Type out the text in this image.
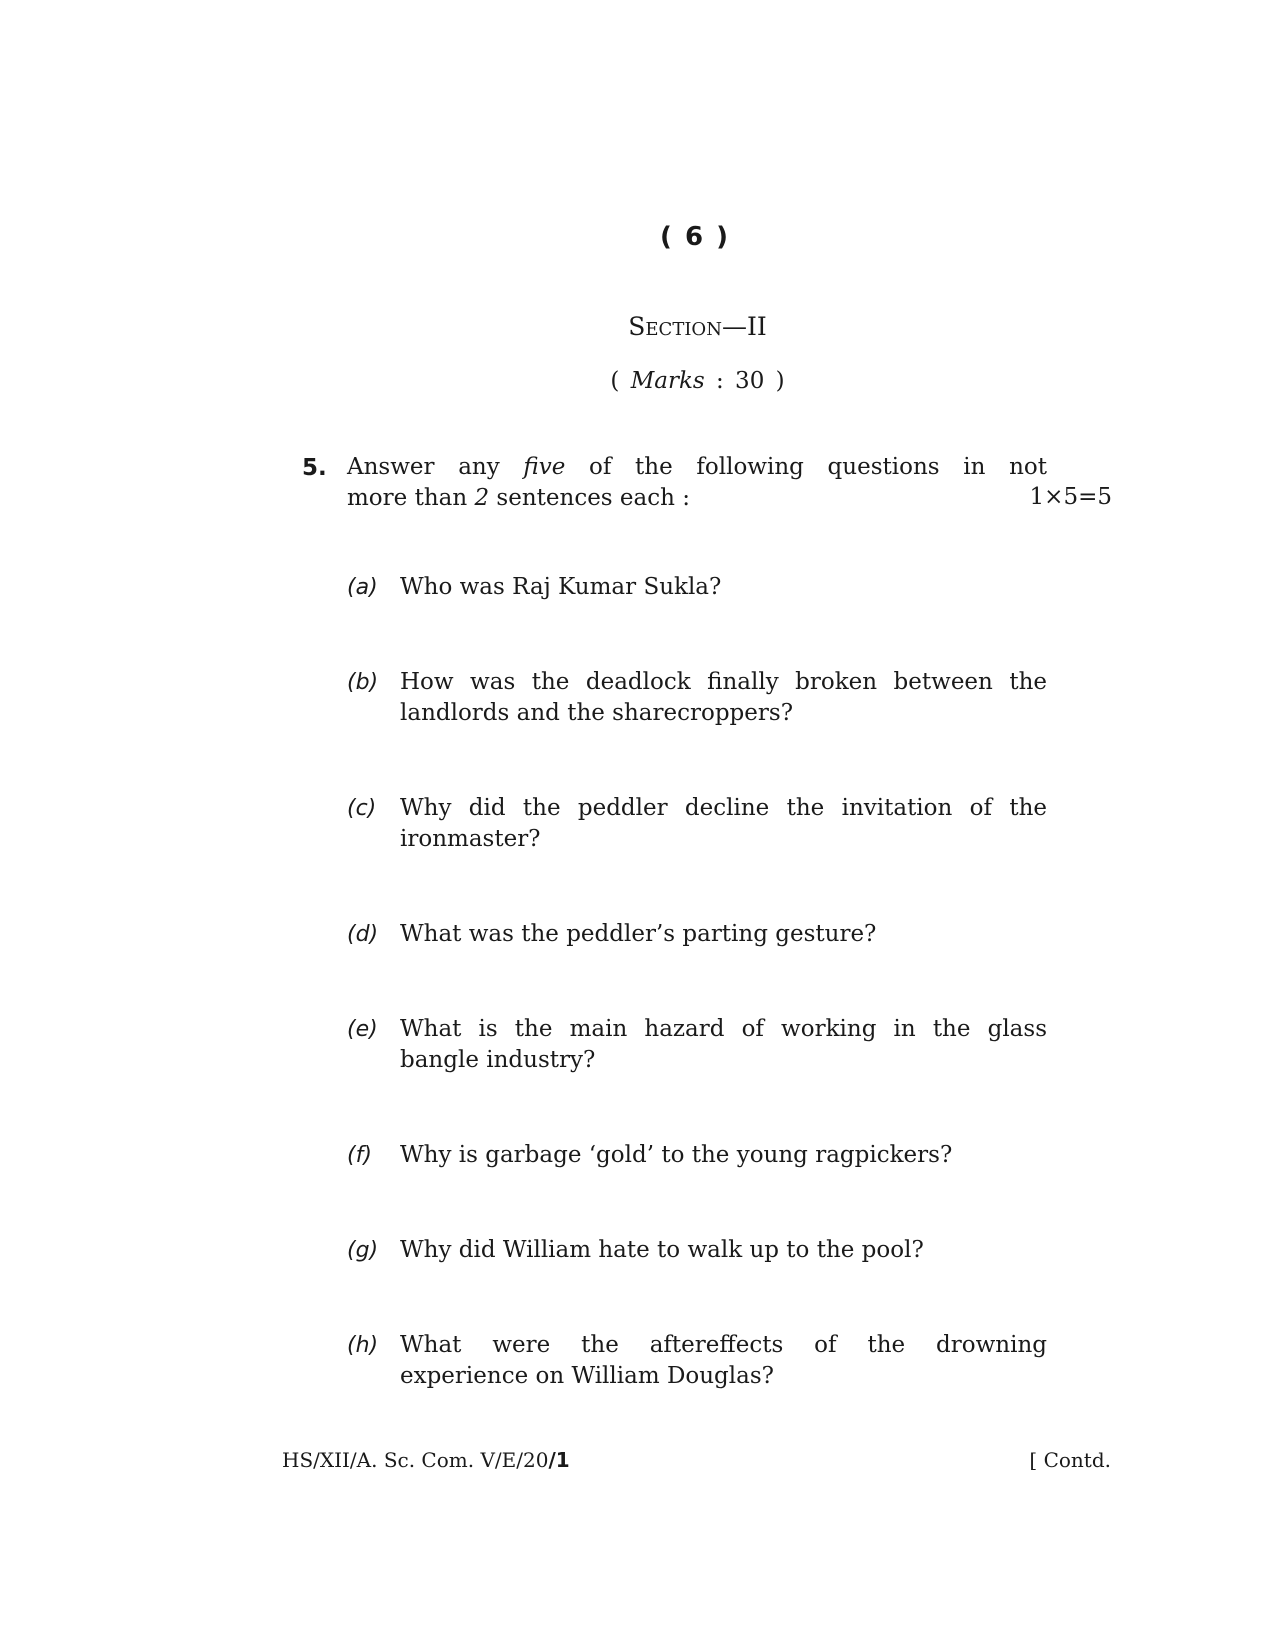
( 6 )
Section—II
( Marks : 30 )
5. Answer any five of the following questions in not
more than 2 sentences each :	1×5=5
(a) Who was Raj Kumar Sukla?
(b) How was the deadlock finally broken between the
landlords and the sharecroppers?
(c) Why did the peddler decline the invitation of the
ironmaster?
(d) What was the peddler’s parting gesture?
(e) What is the main hazard of working in the glass
bangle industry?
(f) Why is garbage ‘gold’ to the young ragpickers?
(g) Why did William hate to walk up to the pool?
(h) What were the aftereffects of the drowning
experience on William Douglas?
HS/XII/A. Sc. Com. V/E/20/1	[ Contd.
